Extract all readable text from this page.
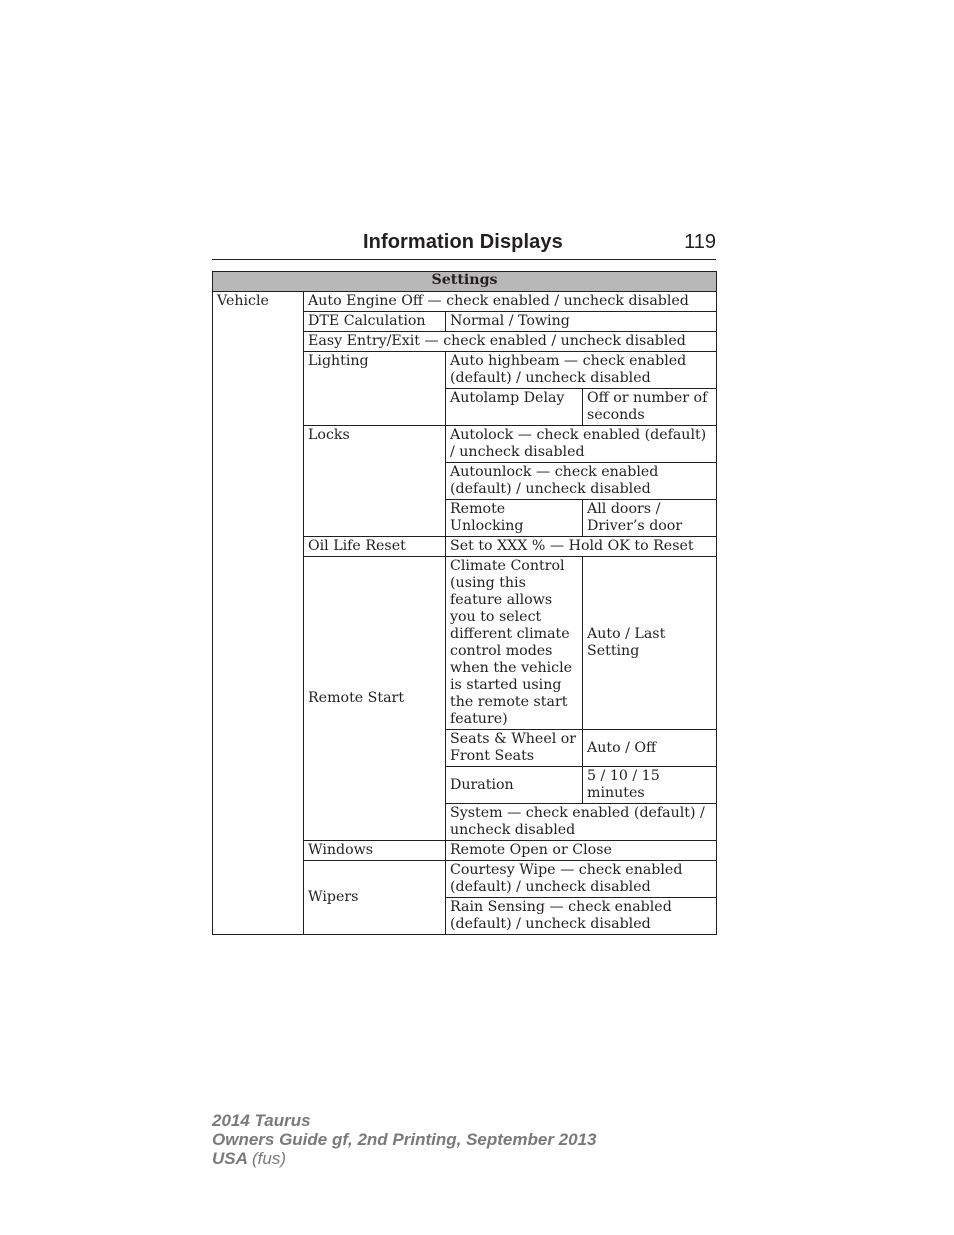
Information Displays	119
Settings			
Vehicle	Auto Engine Off — check enabled / uncheck disabled		
	DTE Calculation	Normal / Towing	
	Easy Entry/Exit — check enabled / uncheck disabled		
	Lighting	Auto highbeam — check enabled (default) / uncheck disabled	
		Autolamp Delay	Off or number of seconds
	Locks	Autolock — check enabled (default) / uncheck disabled	
		Autounlock — check enabled (default) / uncheck disabled	
		Remote Unlocking	All doors / Driver’s door
	Oil Life Reset	Set to XXX % — Hold OK to Reset	
	Remote Start	Climate Control (using this feature allows you to select different climate control modes when the vehicle is started using the remote start feature)	Auto / Last Setting
		Seats & Wheel or Front Seats	Auto / Off
		Duration	5 / 10 / 15 minutes
		System — check enabled (default) / uncheck disabled	
	Windows	Remote Open or Close	
	Wipers	Courtesy Wipe — check enabled (default) / uncheck disabled	
		Rain Sensing — check enabled (default) / uncheck disabled	
2014 Taurus
Owners Guide gf, 2nd Printing, September 2013
USA (fus)
